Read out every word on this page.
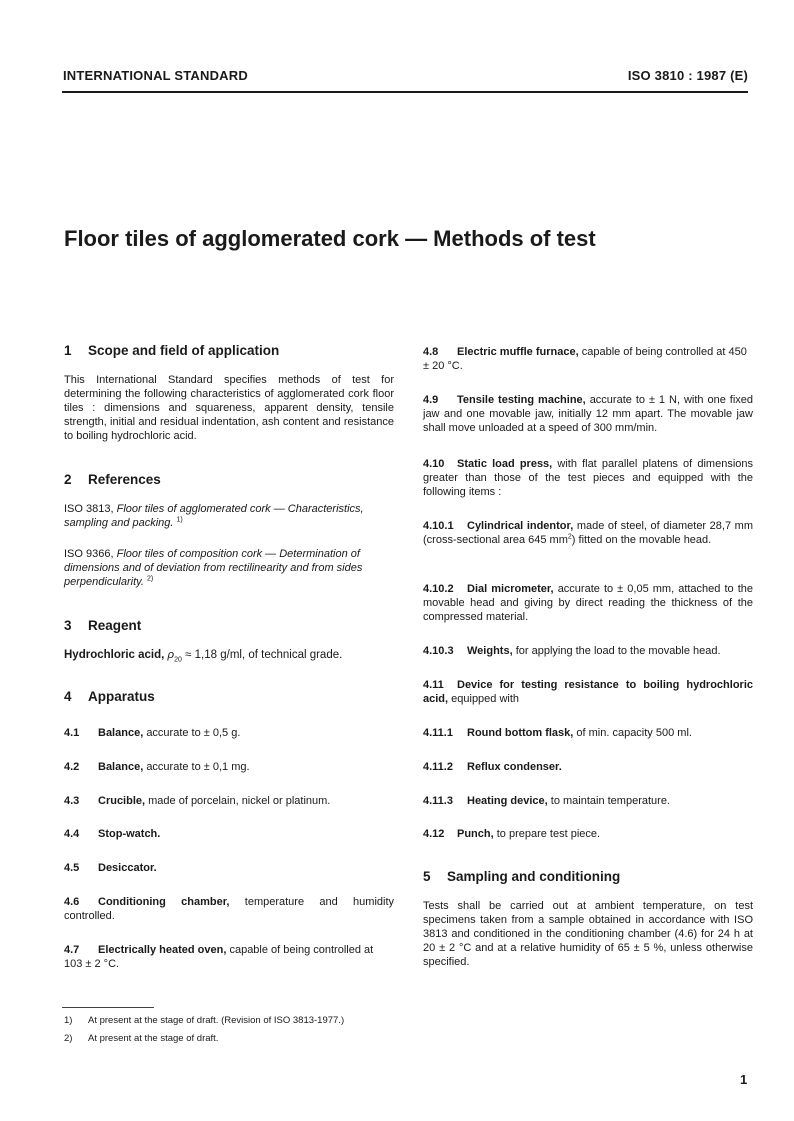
INTERNATIONAL STANDARD	ISO 3810 : 1987 (E)
Floor tiles of agglomerated cork — Methods of test
1 Scope and field of application
This International Standard specifies methods of test for determining the following characteristics of agglomerated cork floor tiles : dimensions and squareness, apparent density, tensile strength, initial and residual indentation, ash content and resistance to boiling hydrochloric acid.
2 References
ISO 3813, Floor tiles of agglomerated cork — Characteristics, sampling and packing. $^{1)}$
ISO 9366, Floor tiles of composition cork — Determination of dimensions and of deviation from rectilinearity and from sides perpendicularity. $^{2)}$
3 Reagent
Hydrochloric acid, $\rho_{20} \approx 1,18$ g/ml, of technical grade.
4 Apparatus
4.1 Balance, accurate to ± 0,5 g.
4.2 Balance, accurate to ± 0,1 mg.
4.3 Crucible, made of porcelain, nickel or platinum.
4.4 Stop-watch.
4.5 Desiccator.
4.6 Conditioning chamber, temperature and humidity controlled.
4.7 Electrically heated oven, capable of being controlled at 103 ± 2 °C.
4.8 Electric muffle furnace, capable of being controlled at 450 ± 20 °C.
4.9 Tensile testing machine, accurate to ± 1 N, with one fixed jaw and one movable jaw, initially 12 mm apart. The movable jaw shall move unloaded at a speed of 300 mm/min.
4.10 Static load press, with flat parallel platens of dimensions greater than those of the test pieces and equipped with the following items :
4.10.1 Cylindrical indentor, made of steel, of diameter 28,7 mm (cross-sectional area 645 $mm^2$) fitted on the movable head.
4.10.2 Dial micrometer, accurate to ± 0,05 mm, attached to the movable head and giving by direct reading the thickness of the compressed material.
4.10.3 Weights, for applying the load to the movable head.
4.11 Device for testing resistance to boiling hydrochloric acid, equipped with
4.11.1 Round bottom flask, of min. capacity 500 ml.
4.11.2 Reflux condenser.
4.11.3 Heating device, to maintain temperature.
4.12 Punch, to prepare test piece.
5 Sampling and conditioning
Tests shall be carried out at ambient temperature, on test specimens taken from a sample obtained in accordance with ISO 3813 and conditioned in the conditioning chamber (4.6) for 24 h at 20 ± 2 °C and at a relative humidity of 65 ± 5 %, unless otherwise specified.
1) At present at the stage of draft. (Revision of ISO 3813-1977.)
2) At present at the stage of draft.
1
